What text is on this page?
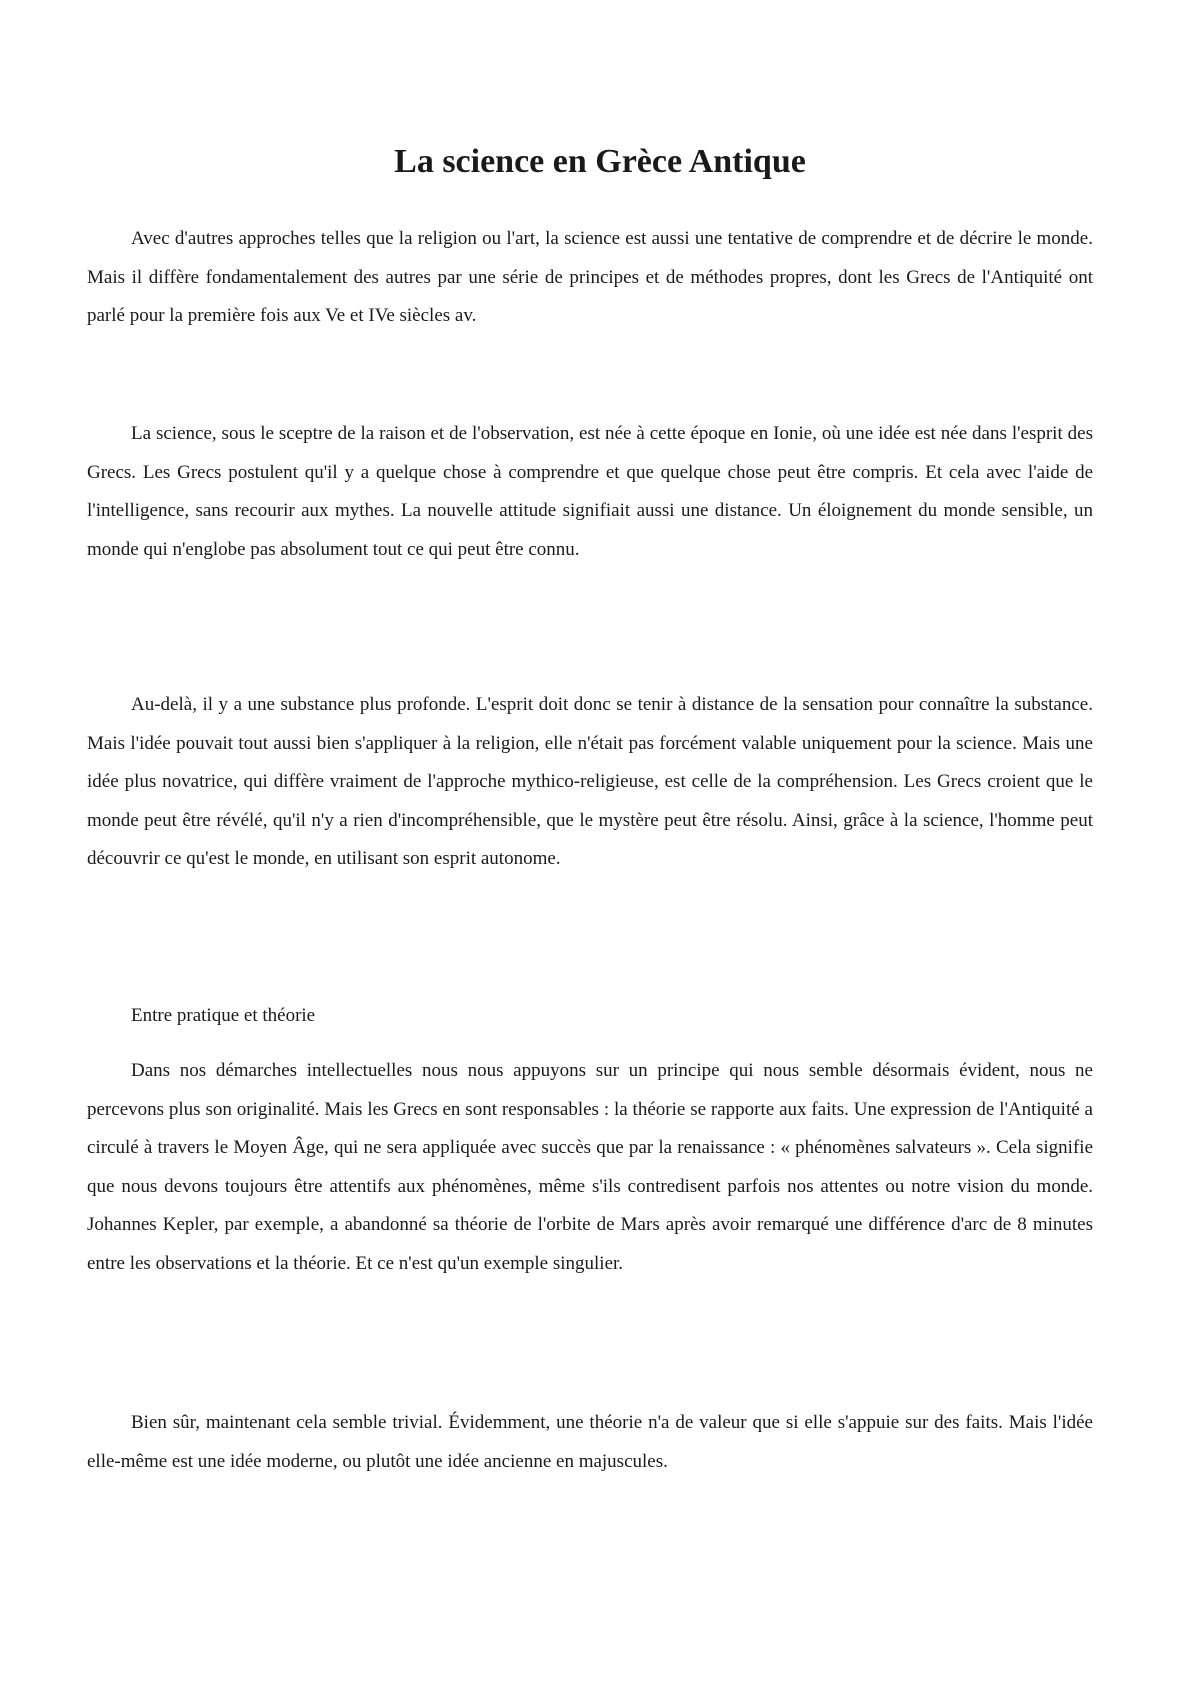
La science en Grèce Antique

Avec d'autres approches telles que la religion ou l'art, la science est aussi une tentative de comprendre et de décrire le monde. Mais il diffère fondamentalement des autres par une série de principes et de méthodes propres, dont les Grecs de l'Antiquité ont parlé pour la première fois aux Ve et IVe siècles av.

La science, sous le sceptre de la raison et de l'observation, est née à cette époque en Ionie, où une idée est née dans l'esprit des Grecs. Les Grecs postulent qu'il y a quelque chose à comprendre et que quelque chose peut être compris. Et cela avec l'aide de l'intelligence, sans recourir aux mythes. La nouvelle attitude signifiait aussi une distance. Un éloignement du monde sensible, un monde qui n'englobe pas absolument tout ce qui peut être connu.

Au-delà, il y a une substance plus profonde. L'esprit doit donc se tenir à distance de la sensation pour connaître la substance. Mais l'idée pouvait tout aussi bien s'appliquer à la religion, elle n'était pas forcément valable uniquement pour la science. Mais une idée plus novatrice, qui diffère vraiment de l'approche mythico-religieuse, est celle de la compréhension. Les Grecs croient que le monde peut être révélé, qu'il n'y a rien d'incompréhensible, que le mystère peut être résolu. Ainsi, grâce à la science, l'homme peut découvrir ce qu'est le monde, en utilisant son esprit autonome.

Entre pratique et théorie

Dans nos démarches intellectuelles nous nous appuyons sur un principe qui nous semble désormais évident, nous ne percevons plus son originalité. Mais les Grecs en sont responsables : la théorie se rapporte aux faits. Une expression de l'Antiquité a circulé à travers le Moyen Âge, qui ne sera appliquée avec succès que par la renaissance : « phénomènes salvateurs ». Cela signifie que nous devons toujours être attentifs aux phénomènes, même s'ils contredisent parfois nos attentes ou notre vision du monde. Johannes Kepler, par exemple, a abandonné sa théorie de l'orbite de Mars après avoir remarqué une différence d'arc de 8 minutes entre les observations et la théorie. Et ce n'est qu'un exemple singulier.

Bien sûr, maintenant cela semble trivial. Évidemment, une théorie n'a de valeur que si elle s'appuie sur des faits. Mais l'idée elle-même est une idée moderne, ou plutôt une idée ancienne en majuscules.
